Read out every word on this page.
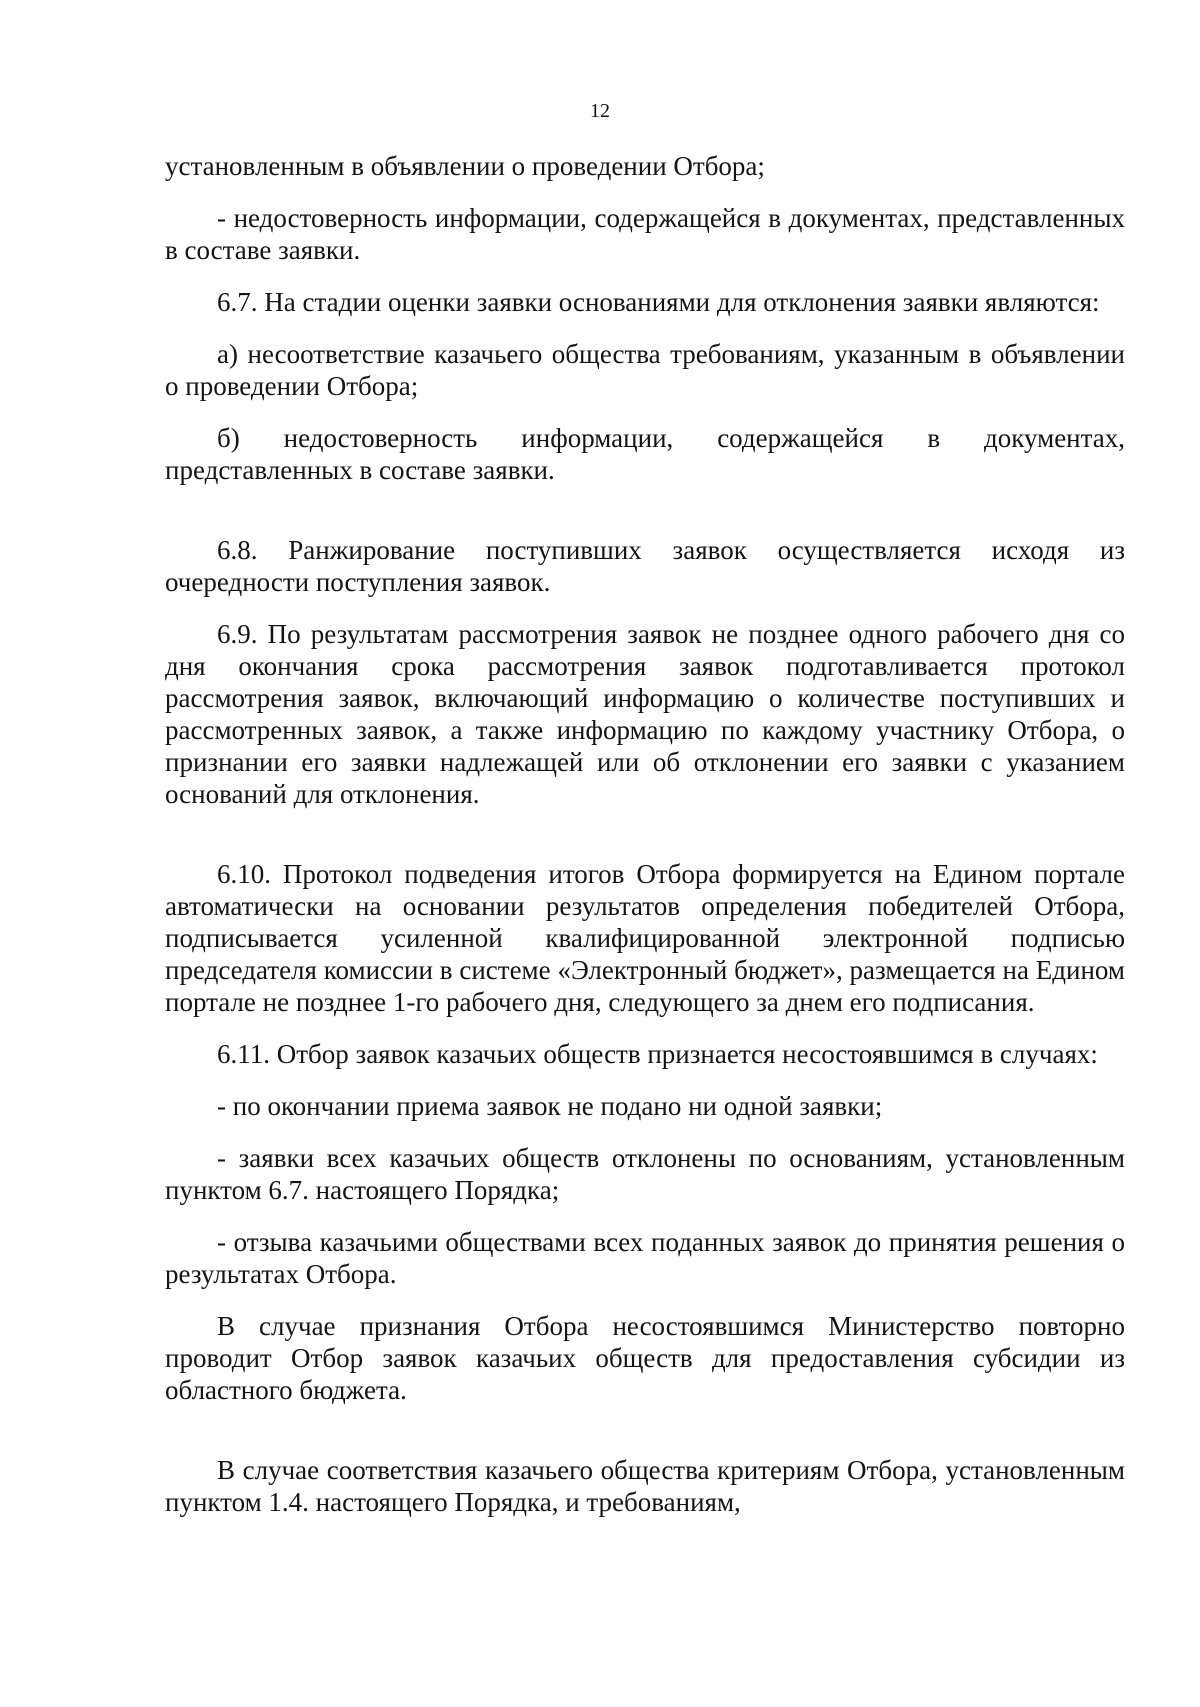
12

установленным в объявлении о проведении Отбора;

- недостоверность информации, содержащейся в документах, представленных в составе заявки.

6.7. На стадии оценки заявки основаниями для отклонения заявки являются:

а) несоответствие казачьего общества требованиям, указанным в объявлении о проведении Отбора;

б) недостоверность информации, содержащейся в документах, представленных в составе заявки.

6.8. Ранжирование поступивших заявок осуществляется исходя из очередности поступления заявок.

6.9. По результатам рассмотрения заявок не позднее одного рабочего дня со дня окончания срока рассмотрения заявок подготавливается протокол рассмотрения заявок, включающий информацию о количестве поступивших и рассмотренных заявок, а также информацию по каждому участнику Отбора, о признании его заявки надлежащей или об отклонении его заявки с указанием оснований для отклонения.

6.10. Протокол подведения итогов Отбора формируется на Едином портале автоматически на основании результатов определения победителей Отбора, подписывается усиленной квалифицированной электронной подписью председателя комиссии в системе «Электронный бюджет», размещается на Едином портале не позднее 1-го рабочего дня, следующего за днем его подписания.

6.11. Отбор заявок казачьих обществ признается несостоявшимся в случаях:

- по окончании приема заявок не подано ни одной заявки;

- заявки всех казачьих обществ отклонены по основаниям, установленным пунктом 6.7. настоящего Порядка;

- отзыва казачьими обществами всех поданных заявок до принятия решения о результатах Отбора.

В случае признания Отбора несостоявшимся Министерство повторно проводит Отбор заявок казачьих обществ для предоставления субсидии из областного бюджета.

В случае соответствия казачьего общества критериям Отбора, установленным пунктом 1.4. настоящего Порядка, и требованиям,
